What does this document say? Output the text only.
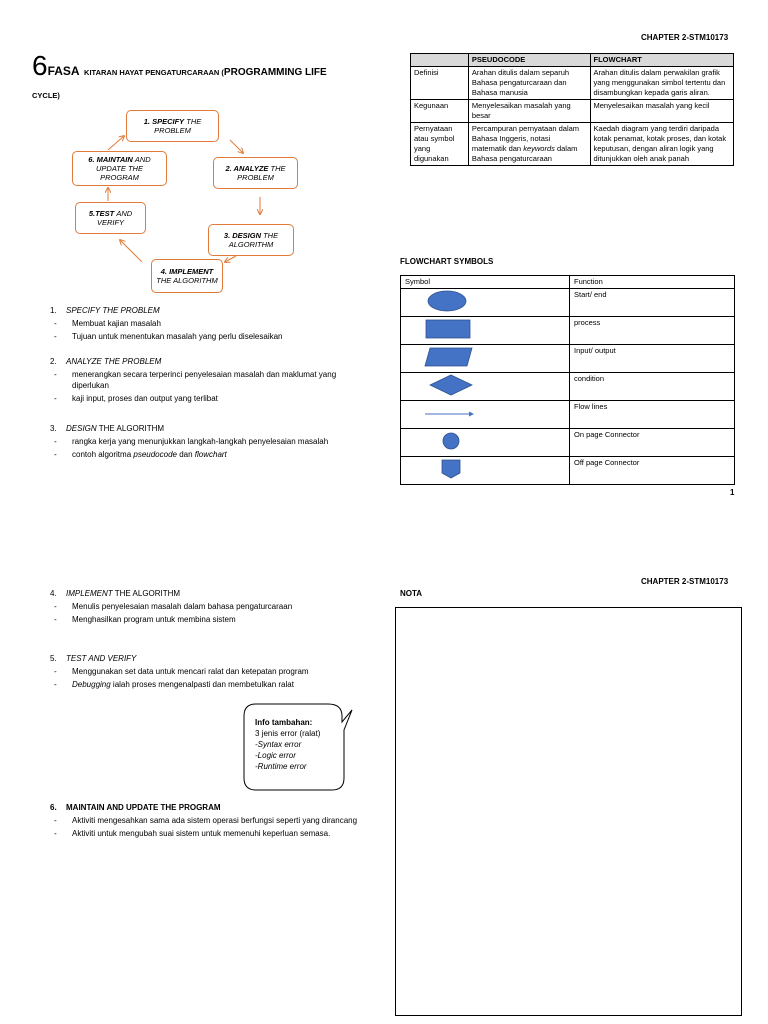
CHAPTER 2-STM10173
6FASA KITARAN HAYAT PENGATURCARAAN (PROGRAMMING LIFE
CYCLE)
1. SPECIFY THE PROBLEM
2. ANALYZE THE PROBLEM
3. DESIGN THE ALGORITHM
4. IMPLEMENT THE ALGORITHM
5.TEST AND VERIFY
6. MAINTAIN AND UPDATE THE PROGRAM
1. SPECIFY THE PROBLEM
- Membuat kajian masalah
- Tujuan untuk menentukan masalah yang perlu diselesaikan
2. ANALYZE THE PROBLEM
- menerangkan secara terperinci penyelesaian masalah dan maklumat yang diperlukan
- kaji input, proses dan output yang terlibat
3. DESIGN THE ALGORITHM
- rangka kerja yang menunjukkan langkah-langkah penyelesaian masalah
- contoh algoritma pseudocode dan flowchart
	PSEUDOCODE	FLOWCHART
Definisi	Arahan ditulis dalam separuh Bahasa pengaturcaraan dan Bahasa manusia	Arahan ditulis dalam perwakilan grafik yang menggunakan simbol tertentu dan disambungkan kepada garis aliran.
Kegunaan	Menyelesaikan masalah yang besar	Menyelesaikan masalah yang kecil
Pernyataan atau symbol yang digunakan	Percampuran pernyataan dalam Bahasa Inggeris, notasi matematik dan keywords dalam Bahasa pengaturcaraan	Kaedah diagram yang terdiri daripada kotak penamat, kotak proses, dan kotak keputusan, dengan aliran logik yang ditunjukkan oleh anak panah
FLOWCHART SYMBOLS
Symbol	Function
	Start/ end
	process
	Input/ output
	condition
	Flow lines
	On page Connector
	Off page Connector
1
CHAPTER 2-STM10173
NOTA
4. IMPLEMENT THE ALGORITHM
- Menulis penyelesaian masalah dalam bahasa pengaturcaraan
- Menghasilkan program untuk membina sistem
5. TEST AND VERIFY
- Menggunakan set data untuk mencari ralat dan ketepatan program
- Debugging ialah proses mengenalpasti dan membetulkan ralat
Info tambahan:
3 jenis error (ralat)
-Syntax error
-Logic error
-Runtime error
6. MAINTAIN AND UPDATE THE PROGRAM
- Aktiviti mengesahkan sama ada sistem operasi berfungsi seperti yang dirancang
- Aktiviti untuk mengubah suai sistem untuk memenuhi keperluan semasa.
